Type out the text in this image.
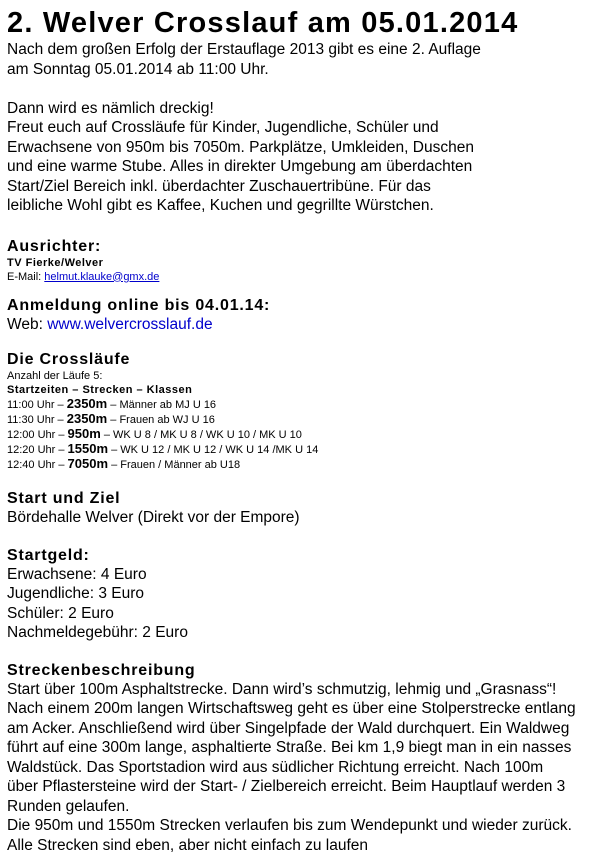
2. Welver Crosslauf am 05.01.2014

Nach dem großen Erfolg der Erstauflage 2013 gibt es eine 2. Auflage

am Sonntag 05.01.2014 ab 11:00 Uhr.

Dann wird es nämlich dreckig!

Freut euch auf Crossläufe für Kinder, Jugendliche, Schüler und

Erwachsene von 950m bis 7050m. Parkplätze, Umkleiden, Duschen

und eine warme Stube. Alles in direkter Umgebung am überdachten

Start/Ziel Bereich inkl. überdachter Zuschauertribüne. Für das

leibliche Wohl gibt es Kaffee, Kuchen und gegrillte Würstchen.

Ausrichter:

TV Fierke/Welver

E-Mail: helmut.klauke@gmx.de

Anmeldung online bis 04.01.14:

Web: www.welvercrosslauf.de

Die Crossläufe

Anzahl der Läufe 5:

Startzeiten – Strecken – Klassen

11:00 Uhr – 2350m – Männer ab MJ U 16

11:30 Uhr – 2350m – Frauen ab WJ U 16

12:00 Uhr – 950m – WK U 8 / MK U 8 / WK U 10 / MK U 10

12:20 Uhr – 1550m – WK U 12 / MK U 12 / WK U 14 /MK U 14

12:40 Uhr – 7050m – Frauen / Männer ab U18

Start und Ziel

Bördehalle Welver (Direkt vor der Empore)

Startgeld:

Erwachsene: 4 Euro

Jugendliche: 3 Euro

Schüler: 2 Euro

Nachmeldegebühr: 2 Euro

Streckenbeschreibung

Start über 100m Asphaltstrecke. Dann wird’s schmutzig, lehmig und „Grasnass“!

Nach einem 200m langen Wirtschaftsweg geht es über eine Stolperstrecke entlang

am Acker. Anschließend wird über Singelpfade der Wald durchquert. Ein Waldweg

führt auf eine 300m lange, asphaltierte Straße. Bei km 1,9 biegt man in ein nasses

Waldstück. Das Sportstadion wird aus südlicher Richtung erreicht. Nach 100m

über Pflastersteine wird der Start- / Zielbereich erreicht. Beim Hauptlauf werden 3

Runden gelaufen.

Die 950m und 1550m Strecken verlaufen bis zum Wendepunkt und wieder zurück.

Alle Strecken sind eben, aber nicht einfach zu laufen
